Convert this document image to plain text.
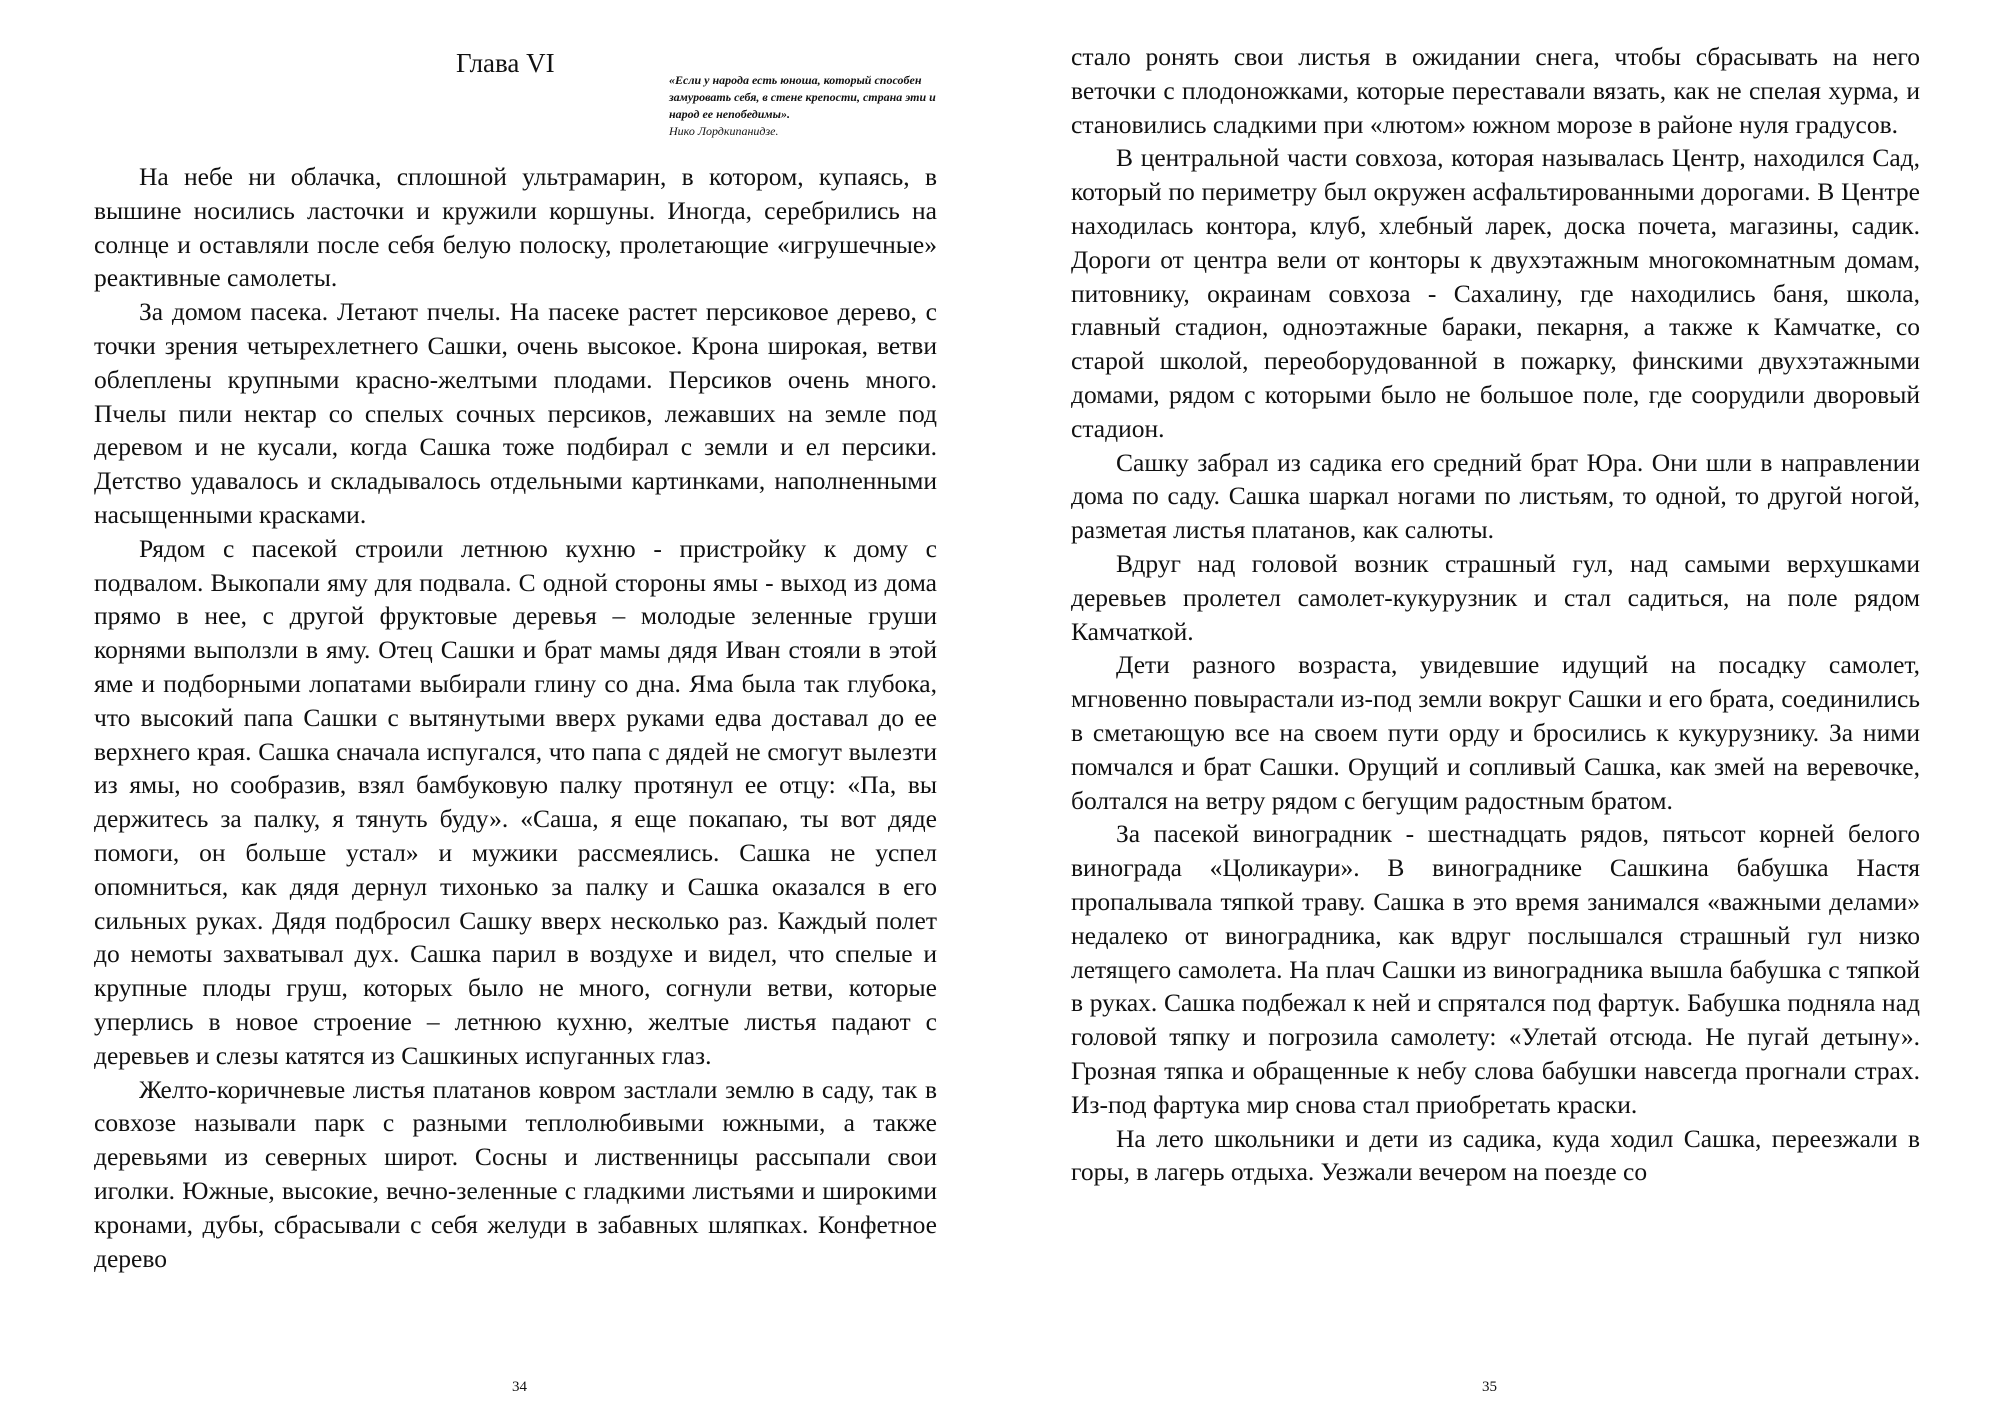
Глава VI

«Если у народа есть юноша, который способен замуровать себя, в стене крепости, страна эти и народ ее непобедимы».

Нико Лордкипанидзе.

На небе ни облачка, сплошной ультрамарин, в котором, купаясь, в вышине носились ласточки и кружили коршуны. Иногда, серебрились на солнце и оставляли после себя белую полоску, пролетающие «игрушечные» реактивные самолеты.

За домом пасека. Летают пчелы. На пасеке растет персиковое дерево, с точки зрения четырехлетнего Сашки, очень высокое. Крона широкая, ветви облеплены крупными красно-желтыми плодами. Персиков очень много. Пчелы пили нектар со спелых сочных персиков, лежавших на земле под деревом и не кусали, когда Сашка тоже подбирал с земли и ел персики. Детство удавалось и складывалось отдельными картинками, наполненными насыщенными красками.

Рядом с пасекой строили летнюю кухню - пристройку к дому с подвалом. Выкопали яму для подвала. С одной стороны ямы - выход из дома прямо в нее, с другой фруктовые деревья – молодые зеленные груши корнями выползли в яму. Отец Сашки и брат мамы дядя Иван стояли в этой яме и подборными лопатами выбирали глину со дна. Яма была так глубока, что высокий папа Сашки с вытянутыми вверх руками едва доставал до ее верхнего края. Сашка сначала испугался, что папа с дядей не смогут вылезти из ямы, но сообразив, взял бамбуковую палку протянул ее отцу: «Па, вы держитесь за палку, я тянуть буду». «Саша, я еще покапаю, ты вот дяде помоги, он больше устал» и мужики рассмеялись. Сашка не успел опомниться, как дядя дернул тихонько за палку и Сашка оказался в его сильных руках. Дядя подбросил Сашку вверх несколько раз. Каждый полет до немоты захватывал дух. Сашка парил в воздухе и видел, что спелые и крупные плоды груш, которых было не много, согнули ветви, которые уперлись в новое строение – летнюю кухню, желтые листья падают с деревьев и слезы катятся из Сашкиных испуганных глаз.

Желто-коричневые листья платанов ковром застлали землю в саду, так в совхозе называли парк с разными теплолюбивыми южными, а также деревьями из северных широт. Сосны и лиственницы рассыпали свои иголки. Южные, высокие, вечно-зеленные с гладкими листьями и широкими кронами, дубы, сбрасывали с себя желуди в забавных шляпках. Конфетное дерево

34

стало ронять свои листья в ожидании снега, чтобы сбрасывать на него веточки с плодоножками, которые переставали вязать, как не спелая хурма, и становились сладкими при «лютом» южном морозе в районе нуля градусов.

В центральной части совхоза, которая называлась Центр, находился Сад, который по периметру был окружен асфальтированными дорогами. В Центре находилась контора, клуб, хлебный ларек, доска почета, магазины, садик. Дороги от центра вели от конторы к двухэтажным многокомнатным домам, питовнику, окраинам совхоза - Сахалину, где находились баня, школа, главный стадион, одноэтажные бараки, пекарня, а также к Камчатке, со старой школой, переоборудованной в пожарку, финскими двухэтажными домами, рядом с которыми было не большое поле, где соорудили дворовый стадион.

Сашку забрал из садика его средний брат Юра. Они шли в направлении дома по саду. Сашка шаркал ногами по листьям, то одной, то другой ногой, разметая листья платанов, как салюты.

Вдруг над головой возник страшный гул, над самыми верхушками деревьев пролетел самолет-кукурузник и стал садиться, на поле рядом Камчаткой.

Дети разного возраста, увидевшие идущий на посадку самолет, мгновенно повырастали из-под земли вокруг Сашки и его брата, соединились в сметающую все на своем пути орду и бросились к кукурузнику. За ними помчался и брат Сашки. Орущий и сопливый Сашка, как змей на веревочке, болтался на ветру рядом с бегущим радостным братом.

За пасекой виноградник - шестнадцать рядов, пятьсот корней белого винограда «Цоликаури». В винограднике Сашкина бабушка Настя пропалывала тяпкой траву. Сашка в это время занимался «важными делами» недалеко от виноградника, как вдруг послышался страшный гул низко летящего самолета. На плач Сашки из виноградника вышла бабушка с тяпкой в руках. Сашка подбежал к ней и спрятался под фартук. Бабушка подняла над головой тяпку и погрозила самолету: «Улетай отсюда. Не пугай детыну». Грозная тяпка и обращенные к небу слова бабушки навсегда прогнали страх. Из-под фартука мир снова стал приобретать краски.

На лето школьники и дети из садика, куда ходил Сашка, переезжали в горы, в лагерь отдыха. Уезжали вечером на поезде со

35
